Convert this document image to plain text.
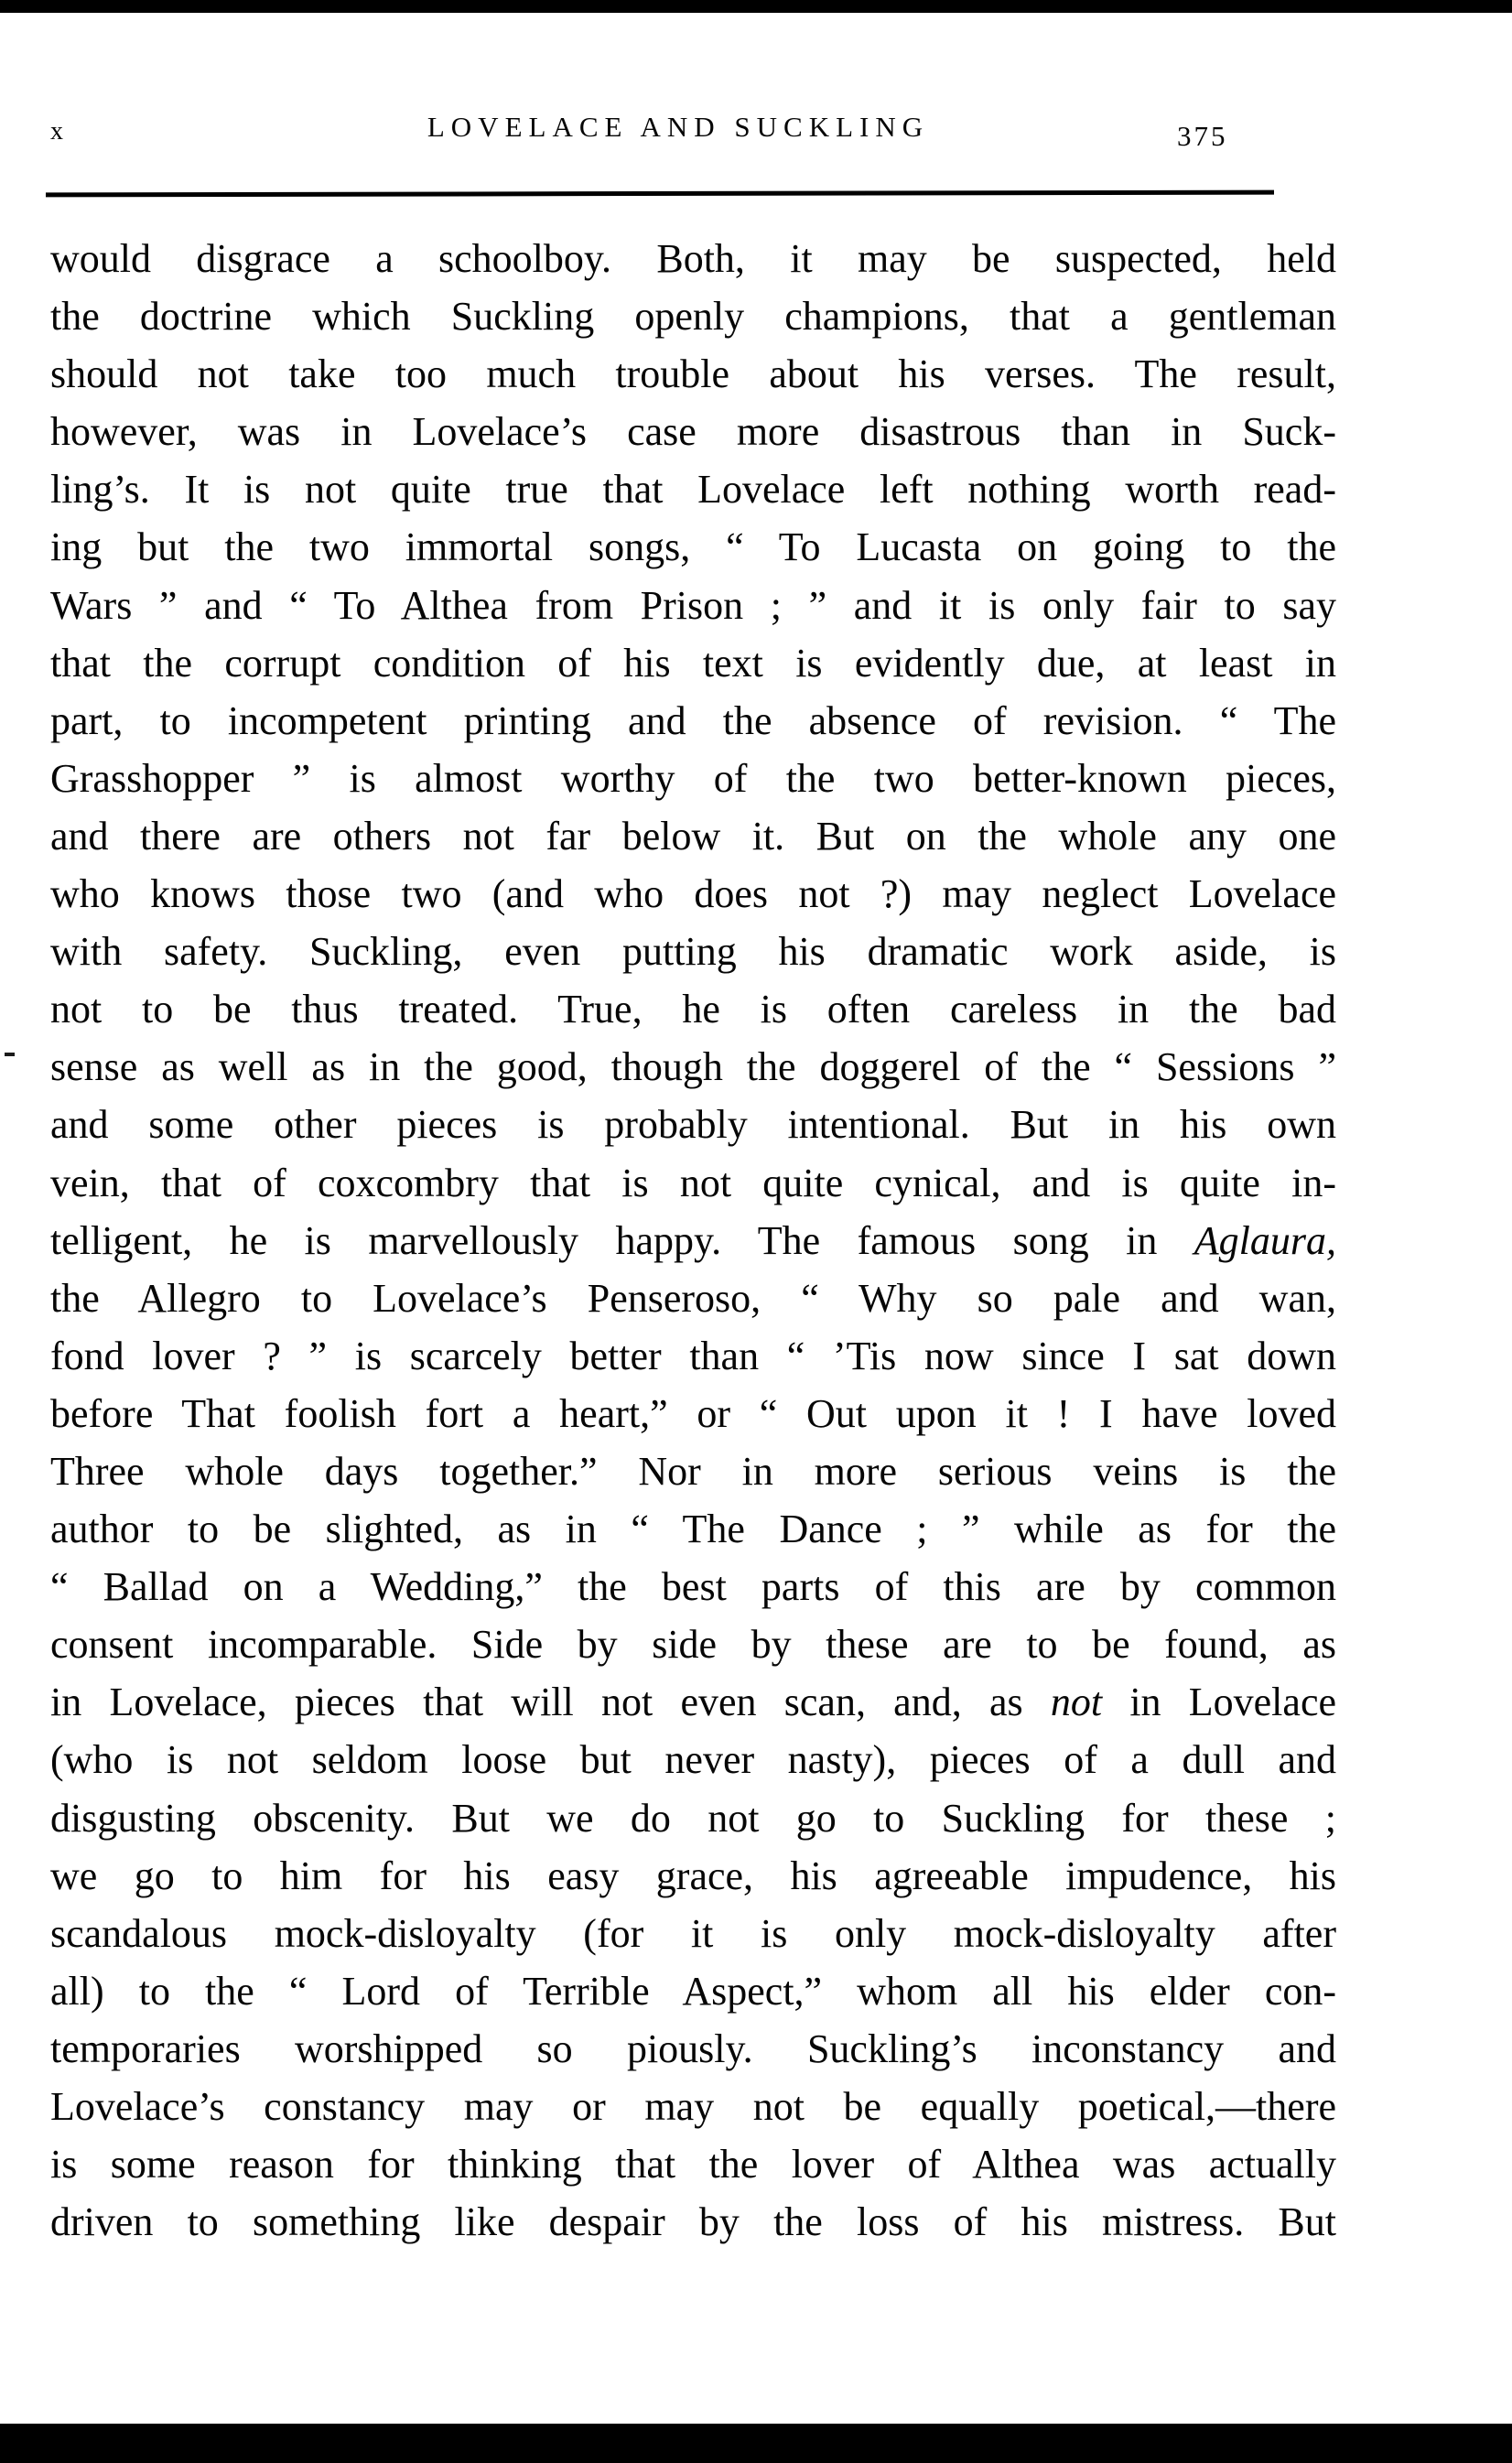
x	LOVELACE AND SUCKLING	375
would disgrace a schoolboy. Both, it may be suspected, held
the doctrine which Suckling openly champions, that a gentleman
should not take too much trouble about his verses. The result,
however, was in Lovelace’s case more disastrous than in Suck-
ling’s. It is not quite true that Lovelace left nothing worth read-
ing but the two immortal songs, “ To Lucasta on going to the
Wars ” and “ To Althea from Prison ; ” and it is only fair to say
that the corrupt condition of his text is evidently due, at least in
part, to incompetent printing and the absence of revision. “ The
Grasshopper ” is almost worthy of the two better-known pieces,
and there are others not far below it. But on the whole any one
who knows those two (and who does not ?) may neglect Lovelace
with safety. Suckling, even putting his dramatic work aside, is
not to be thus treated. True, he is often careless in the bad
sense as well as in the good, though the doggerel of the “ Sessions ”
and some other pieces is probably intentional. But in his own
vein, that of coxcombry that is not quite cynical, and is quite in-
telligent, he is marvellously happy. The famous song in Aglaura,
the Allegro to Lovelace’s Penseroso, “ Why so pale and wan,
fond lover ? ” is scarcely better than “ ’Tis now since I sat down
before That foolish fort a heart,” or “ Out upon it ! I have loved
Three whole days together.” Nor in more serious veins is the
author to be slighted, as in “ The Dance ; ” while as for the
“ Ballad on a Wedding,” the best parts of this are by common
consent incomparable. Side by side by these are to be found, as
in Lovelace, pieces that will not even scan, and, as not in Lovelace
(who is not seldom loose but never nasty), pieces of a dull and
disgusting obscenity. But we do not go to Suckling for these ;
we go to him for his easy grace, his agreeable impudence, his
scandalous mock-disloyalty (for it is only mock-disloyalty after
all) to the “ Lord of Terrible Aspect,” whom all his elder con-
temporaries worshipped so piously. Suckling’s inconstancy and
Lovelace’s constancy may or may not be equally poetical,—there
is some reason for thinking that the lover of Althea was actually
driven to something like despair by the loss of his mistress. But
